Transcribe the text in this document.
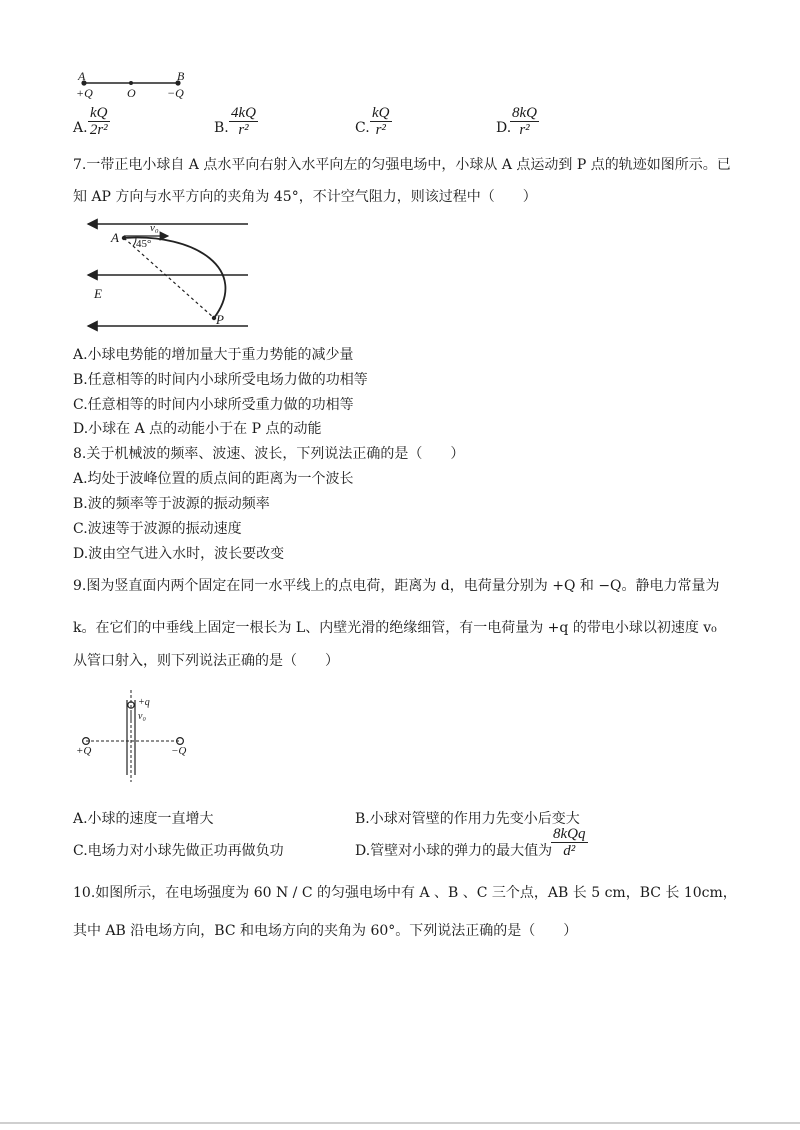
A
+Q	O
B
−Q
A. $\frac{kQ}{\text{2r²}}$	B. $\frac{4kQ}{\text{r²}}$	C. $\frac{kQ}{\text{r²}}$	D.
$\frac{8kQ}{\text{r²}}$
7.一带正电小球自 A 点水平向右射入水平向左的匀强电场中，小球从 A 点运动到 P 点的轨迹如图所示。已
知 AP 方向与水平方向的夹角为 45°，不计空气阻力，则该过程中（　　）
A
v₀
45°
E
P
A.小球电势能的增加量大于重力势能的减少量
B.任意相等的时间内小球所受电场力做的功相等
C.任意相等的时间内小球所受重力做的功相等
D.小球在 A 点的动能小于在 P 点的动能
8.关于机械波的频率、波速、波长，下列说法正确的是（　　）
A.均处于波峰位置的质点间的距离为一个波长
B.波的频率等于波源的振动频率
C.波速等于波源的振动速度
D.波由空气进入水时，波长要改变
9.图为竖直面内两个固定在同一水平线上的点电荷，距离为 d，电荷量分别为 +Q 和 −Q。静电力常量为
k。在它们的中垂线上固定一根长为 L、内壁光滑的绝缘细管，有一电荷量为 +q 的带电小球以初速度 v₀
从管口射入，则下列说法正确的是（　　）
+q
v₀
+Q	−Q
A.小球的速度一直增大	B.小球对管壁的作用力先变小后变大
C.电场力对小球先做正功再做负功	D.管壁对小球的弹力的最大值为
8kQq
d²
10.如图所示，在电场强度为 60 N / C 的匀强电场中有 A 、B 、C 三个点，AB 长 5 cm，BC 长 10cm，
其中 AB 沿电场方向，BC 和电场方向的夹角为 60°。下列说法正确的是（　　）
